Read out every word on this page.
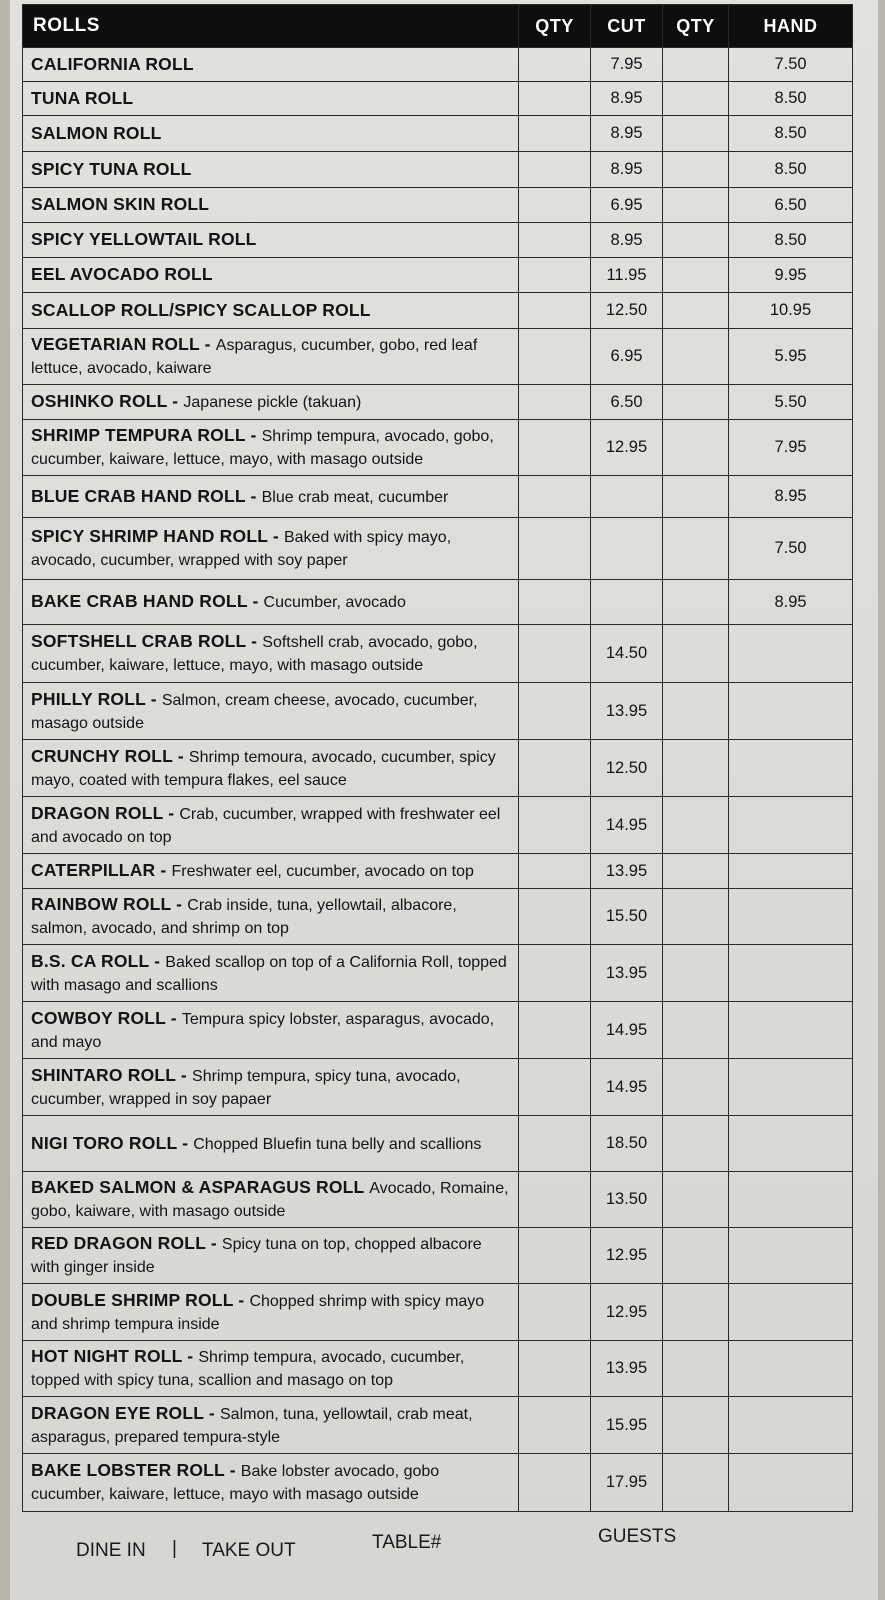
ROLLS	QTY	CUT	QTY	HAND
CALIFORNIA ROLL		7.95		7.50
TUNA ROLL		8.95		8.50
SALMON ROLL		8.95		8.50
SPICY TUNA ROLL		8.95		8.50
SALMON SKIN ROLL		6.95		6.50
SPICY YELLOWTAIL ROLL		8.95		8.50
EEL AVOCADO ROLL		11.95		9.95
SCALLOP ROLL/SPICY SCALLOP ROLL		12.50		10.95
VEGETARIAN ROLL - Asparagus, cucumber, gobo, red leaf lettuce, avocado, kaiware		6.95		5.95
OSHINKO ROLL - Japanese pickle (takuan)		6.50		5.50
SHRIMP TEMPURA ROLL - Shrimp tempura, avocado, gobo, cucumber, kaiware, lettuce, mayo, with masago outside		12.95		7.95
BLUE CRAB HAND ROLL - Blue crab meat, cucumber				8.95
SPICY SHRIMP HAND ROLL - Baked with spicy mayo, avocado, cucumber, wrapped with soy paper				7.50
BAKE CRAB HAND ROLL - Cucumber, avocado				8.95
SOFTSHELL CRAB ROLL - Softshell crab, avocado, gobo, cucumber, kaiware, lettuce, mayo, with masago outside		14.50		
PHILLY ROLL - Salmon, cream cheese, avocado, cucumber, masago outside		13.95		
CRUNCHY ROLL - Shrimp temoura, avocado, cucumber, spicy mayo, coated with tempura flakes, eel sauce		12.50		
DRAGON ROLL - Crab, cucumber, wrapped with freshwater eel and avocado on top		14.95		
CATERPILLAR - Freshwater eel, cucumber, avocado on top		13.95		
RAINBOW ROLL - Crab inside, tuna, yellowtail, albacore, salmon, avocado, and shrimp on top		15.50		
B.S. CA ROLL - Baked scallop on top of a California Roll, topped with masago and scallions		13.95		
COWBOY ROLL - Tempura spicy lobster, asparagus, avocado, and mayo		14.95		
SHINTARO ROLL - Shrimp tempura, spicy tuna, avocado, cucumber, wrapped in soy papaer		14.95		
NIGI TORO ROLL - Chopped Bluefin tuna belly and scallions		18.50		
BAKED SALMON & ASPARAGUS ROLL Avocado, Romaine, gobo, kaiware, with masago outside		13.50		
RED DRAGON ROLL - Spicy tuna on top, chopped albacore with ginger inside		12.95		
DOUBLE SHRIMP ROLL - Chopped shrimp with spicy mayo and shrimp tempura inside		12.95		
HOT NIGHT ROLL - Shrimp tempura, avocado, cucumber, topped with spicy tuna, scallion and masago on top		13.95		
DRAGON EYE ROLL - Salmon, tuna, yellowtail, crab meat, asparagus, prepared tempura-style		15.95		
BAKE LOBSTER ROLL - Bake lobster avocado, gobo cucumber, kaiware, lettuce, mayo with masago outside		17.95		
DINE IN | TAKE OUT	TABLE#	GUESTS
